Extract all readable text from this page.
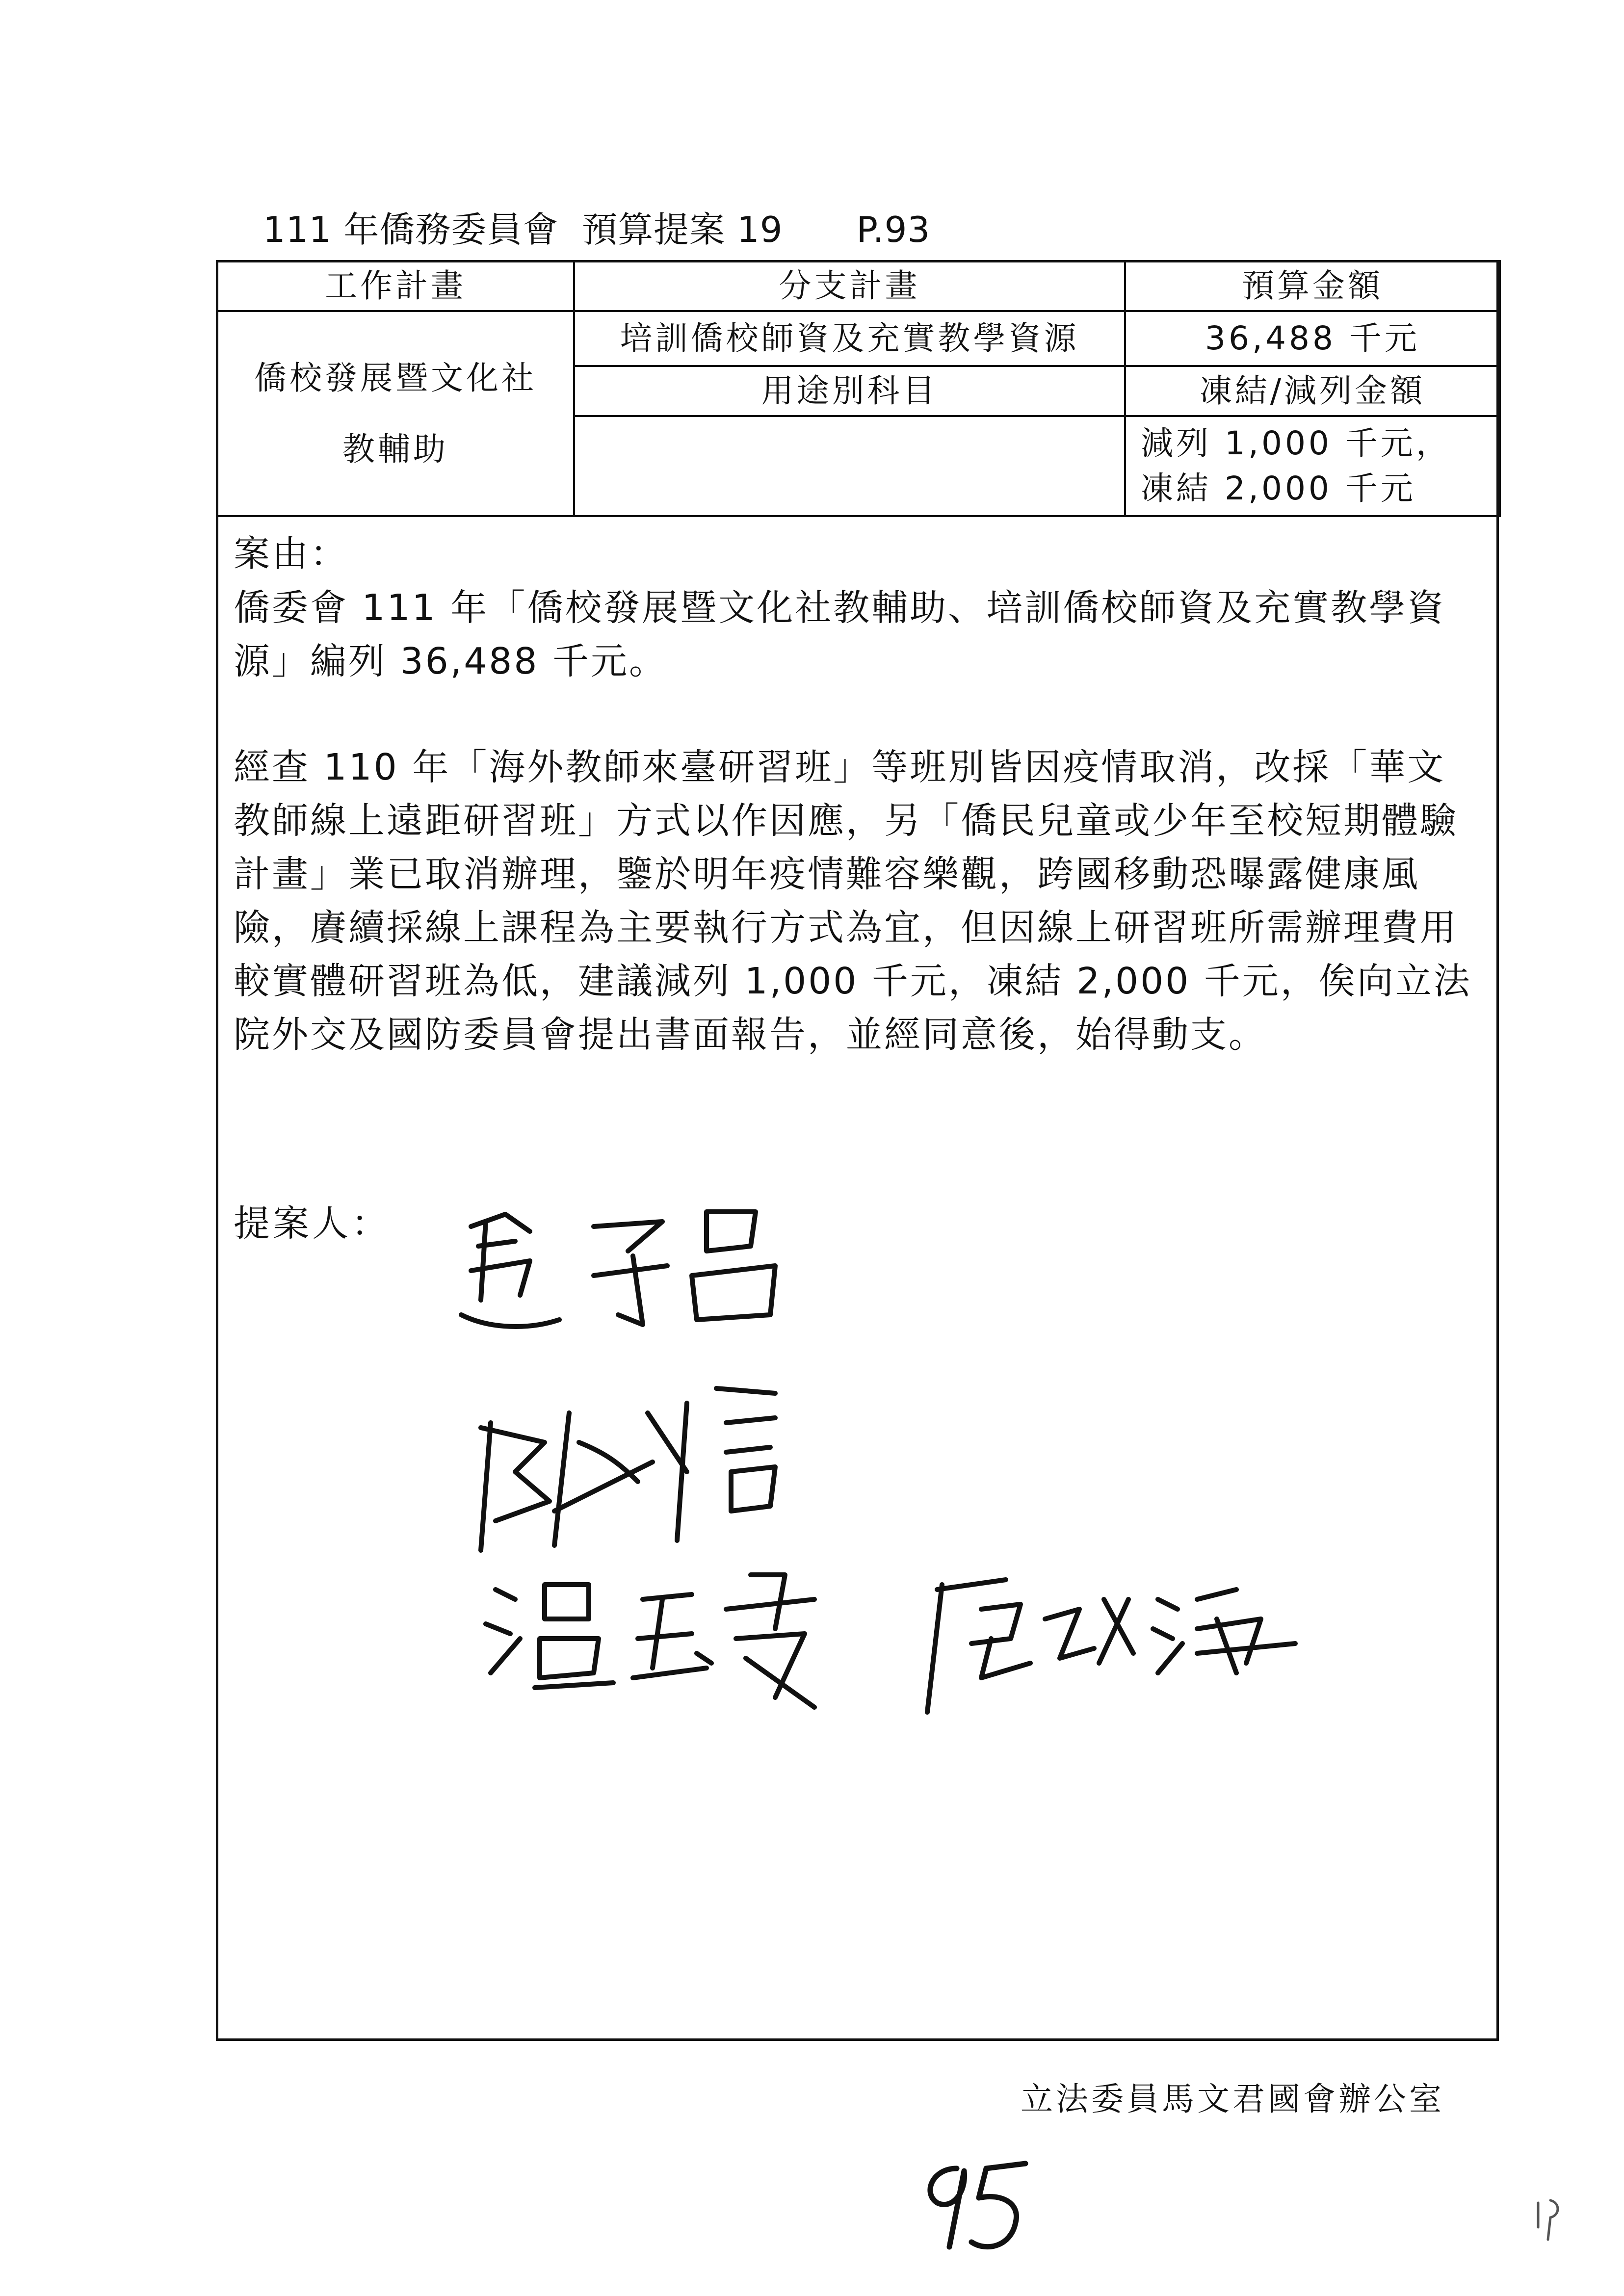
111 年僑務委員會  預算提案 19 P.93
工作計畫	分支計畫	預算金額
僑校發展暨文化社教輔助	培訓僑校師資及充實教學資源	36,488 千元
	用途別科目	凍結/減列金額

		減列 1,000 千元，
凍結 2,000 千元
案由：
僑委會 111 年「僑校發展暨文化社教輔助、培訓僑校師資及充實教學資源」編列 36,488 千元。
經查 110 年「海外教師來臺研習班」等班別皆因疫情取消，改採「華文教師線上遠距研習班」方式以作因應，另「僑民兒童或少年至校短期體驗計畫」業已取消辦理，鑒於明年疫情難容樂觀，跨國移動恐曝露健康風險，賡續採線上課程為主要執行方式為宜，但因線上研習班所需辦理費用較實體研習班為低，建議減列 1,000 千元，凍結 2,000 千元，俟向立法院外交及國防委員會提出書面報告，並經同意後，始得動支。
提案人：
立法委員馬文君國會辦公室
